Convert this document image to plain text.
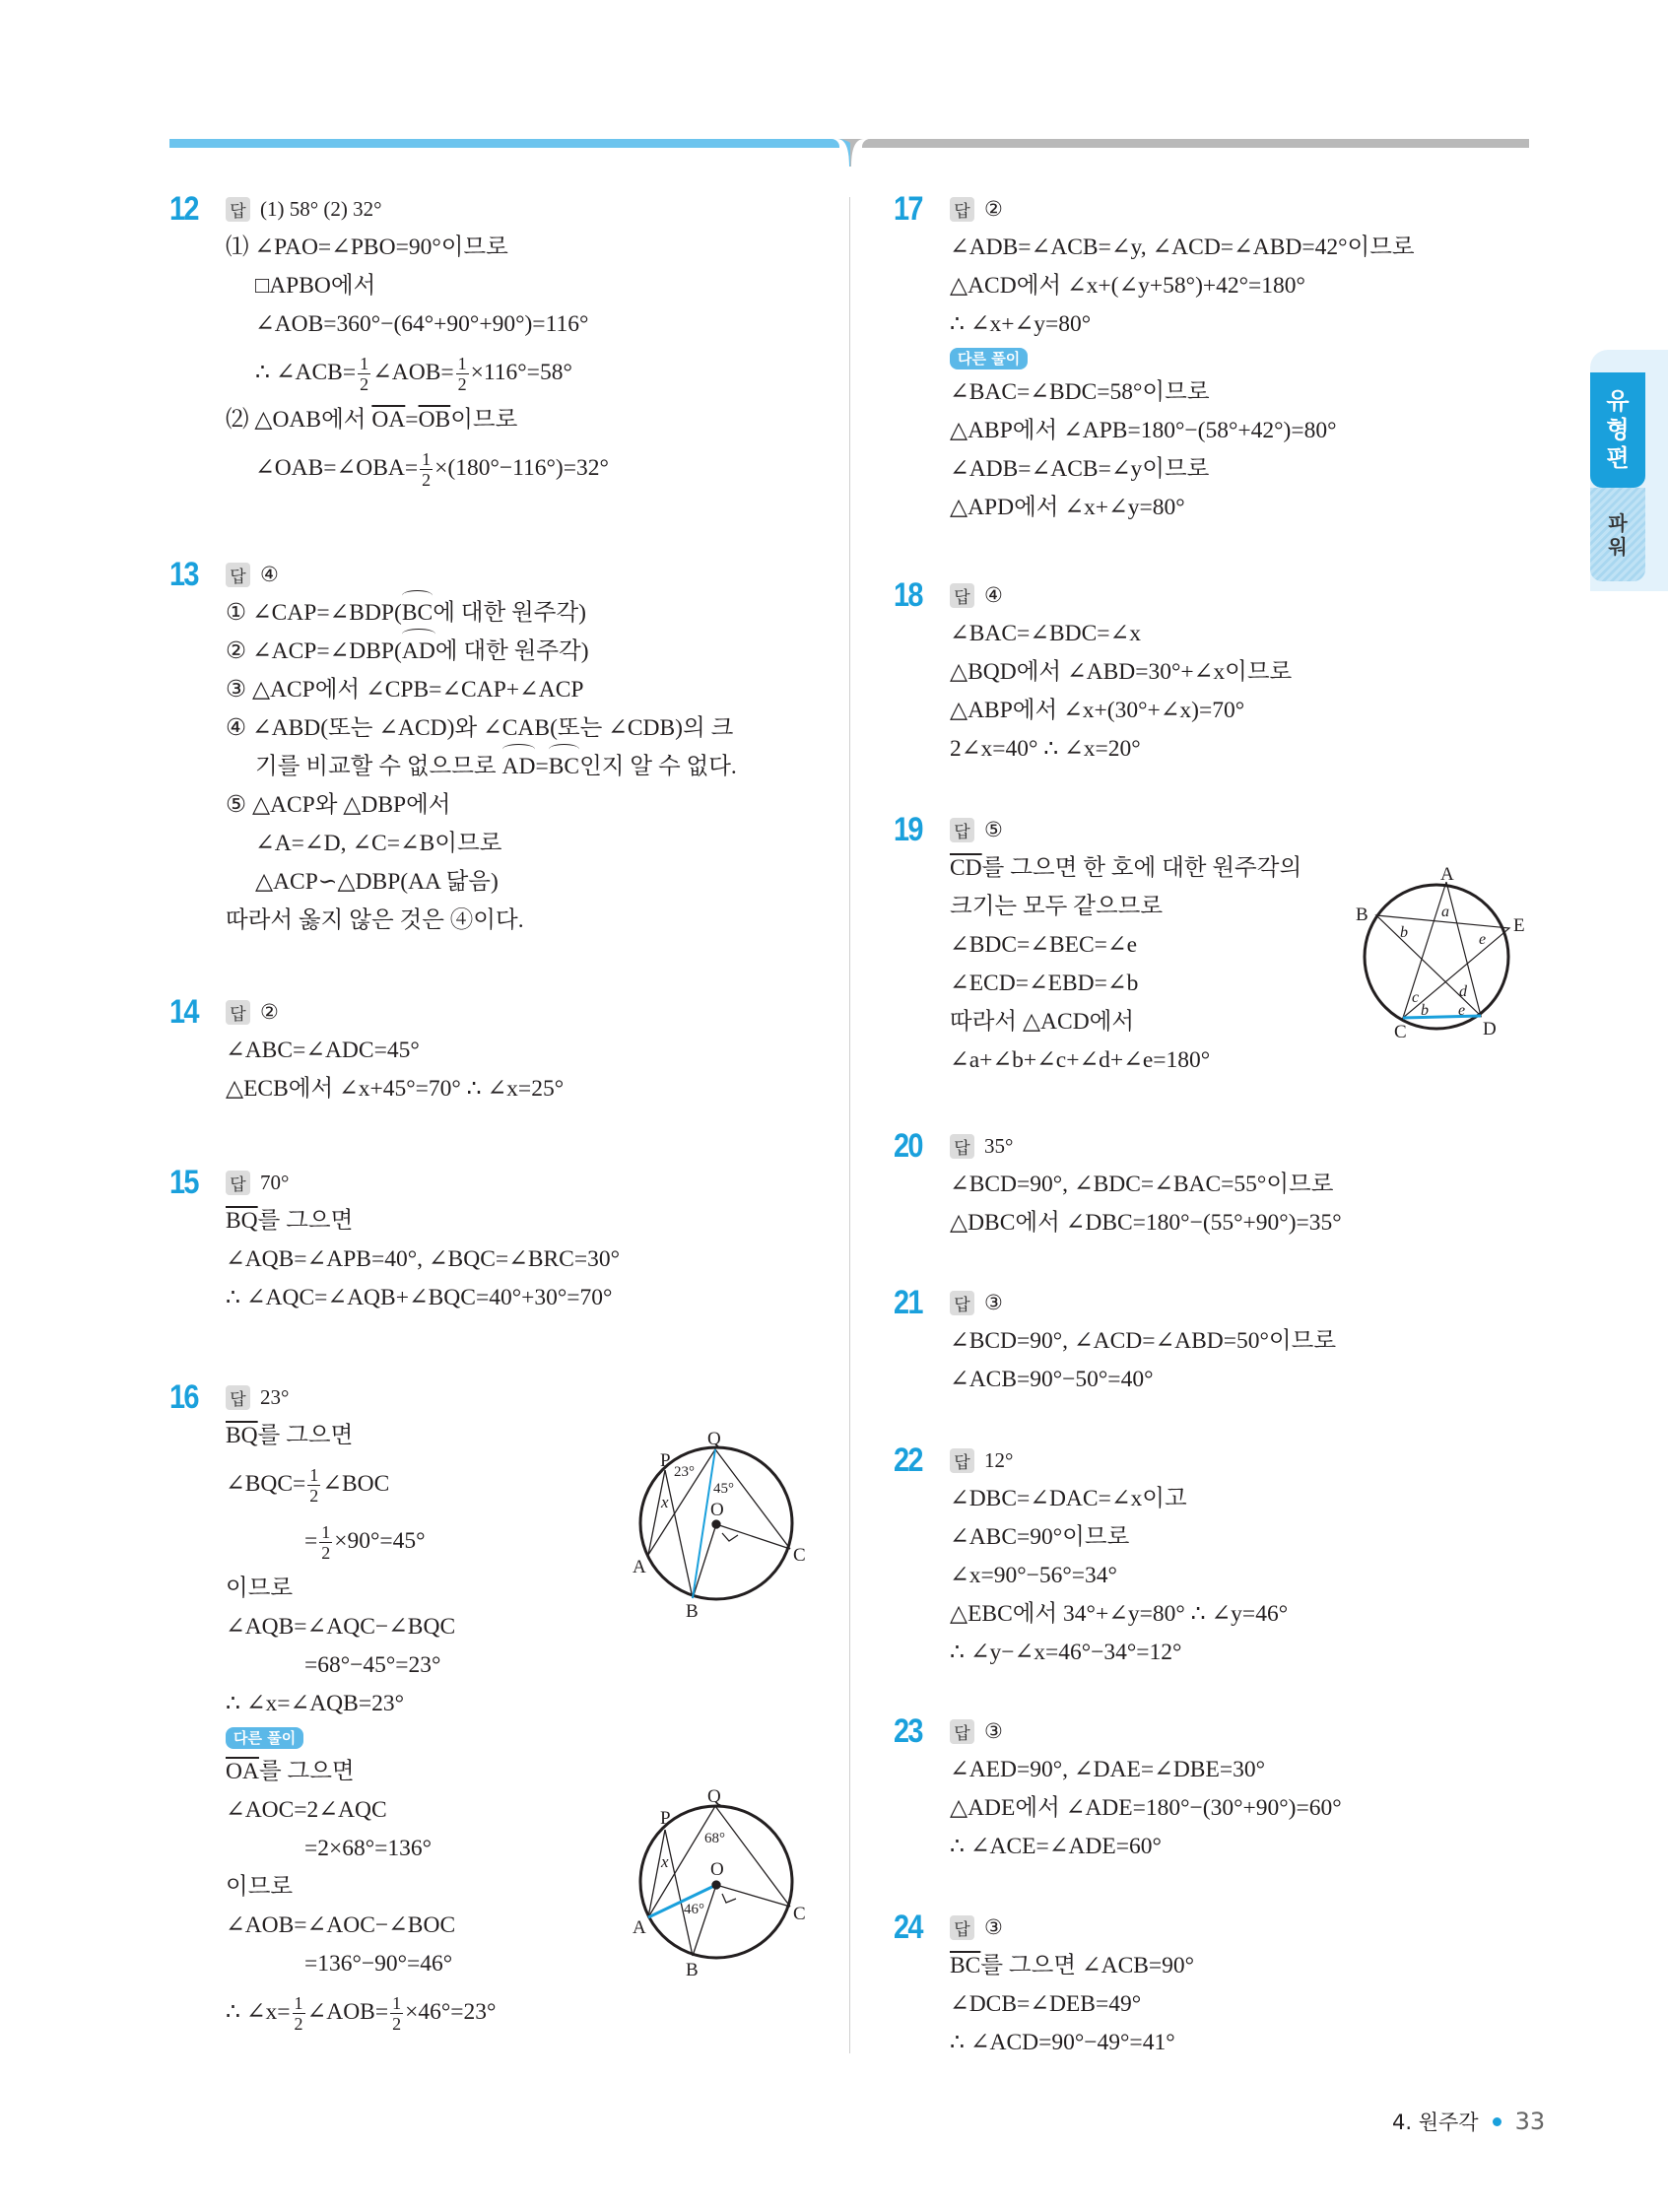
유형편
파워
12	답 (1) 58° (2) 32°
⑴ ∠PAO=∠PBO=90°이므로
□APBO에서
∠AOB=360°−(64°+90°+90°)=116°
∴ ∠ACB= $\frac{1}{2}$ ∠AOB= $\frac{1}{2} \times 116^\circ=58^\circ$
⑵ △OAB에서 $\overline{OA}=\overline{OB}$이므로
∠OAB=∠OBA= $\frac{1}{2} \times(180^\circ-116^\circ)=32^\circ$
13	답 ④
① ∠CAP=∠BDP(BC에 대한 원주각)
② ∠ACP=∠DBP(AD에 대한 원주각)
③ △ACP에서 ∠CPB=∠CAP+∠ACP
④ ∠ABD(또는 ∠ACD)와 ∠CAB(또는 ∠CDB)의 크
기를 비교할 수 없으므로 AD=BC인지 알 수 없다.
⑤ △ACP와 △DBP에서
∠A=∠D, ∠C=∠B이므로
△ACP∽△DBP(AA 닮음)
따라서 옳지 않은 것은 ④이다.
14	답 ②
∠ABC=∠ADC=45°
△ECB에서 ∠x+45°=70° ∴ ∠x=25°
15	답 70°
$\overline{BQ}$를 그으면
∠AQB=∠APB=40°, ∠BQC=∠BRC=30°
∴ ∠AQC=∠AQB+∠BQC=40°+30°=70°
16	답 23°
$\overline{BQ}$를 그으면
∠BQC= $\frac{1}{2}$ ∠BOC
= $\frac{1}{2} \times 90^\circ=45^\circ$
이므로
∠AQB=∠AQC−∠BQC
=68°−45°=23°
∴ ∠x=∠AQB=23°
다른 풀이
$\overline{OA}$를 그으면
∠AOC=2∠AQC
=2×68°=136°
이므로
∠AOB=∠AOC−∠BOC
=136°−90°=46°
∴ ∠x= $\frac{1}{2}$ ∠AOB= $\frac{1}{2} \times 46^\circ=23^\circ$
17	답 ②
∠ADB=∠ACB=∠y, ∠ACD=∠ABD=42°이므로
△ACD에서 ∠x+(∠y+58°)+42°=180°
∴ ∠x+∠y=80°
다른 풀이
∠BAC=∠BDC=58°이므로
△ABP에서 ∠APB=180°−(58°+42°)=80°
∠ADB=∠ACB=∠y이므로
△APD에서 ∠x+∠y=80°
18	답 ④
∠BAC=∠BDC=∠x
△BQD에서 ∠ABD=30°+∠x이므로
△ABP에서 ∠x+(30°+∠x)=70°
2∠x=40° ∴ ∠x=20°
19	답 ⑤
$\overline{CD}$를 그으면 한 호에 대한 원주각의
크기는 모두 같으므로
∠BDC=∠BEC=∠e
∠ECD=∠EBD=∠b
따라서 △ACD에서
∠a+∠b+∠c+∠d+∠e=180°
20	답 35°
∠BCD=90°, ∠BDC=∠BAC=55°이므로
△DBC에서 ∠DBC=180°−(55°+90°)=35°
21	답 ③
∠BCD=90°, ∠ACD=∠ABD=50°이므로
∠ACB=90°−50°=40°
22	답 12°
∠DBC=∠DAC=∠x이고
∠ABC=90°이므로
∠x=90°−56°=34°
△EBC에서 34°+∠y=80° ∴ ∠y=46°
∴ ∠y−∠x=46°−34°=12°
23	답 ③
∠AED=90°, ∠DAE=∠DBE=30°
△ADE에서 ∠ADE=180°−(30°+90°)=60°
∴ ∠ACE=∠ADE=60°
24	답 ③
$\overline{BC}$를 그으면 ∠ACB=90°
∠DCB=∠DEB=49°
∴ ∠ACD=90°−49°=41°
P
Q
A
B
C
O
23°
45°
x
P
Q
A
B
C
O
68°
46°
x
A
B
C	D
E
a
b
c	d
e
b e
4. 원주각 33
